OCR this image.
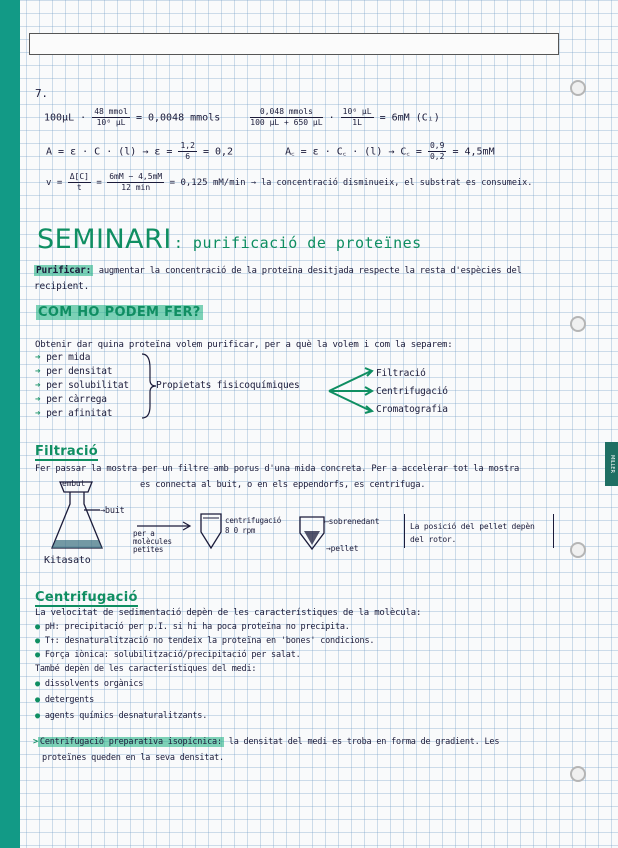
MILLER
7.
$100\mu L \cdot \frac{\text{48 mmol}}{\text{10⁶ µL}} = 0,0048$ mmols	$\frac{\text{0,048 mmols}}{\text{100 µL + 650 µL}} \cdot \frac{\text{10⁶ µL}}{1L} = 6mM$ (Cᵢ)
$A = \varepsilon \cdot C \cdot (l) \to \varepsilon = \frac{1,2}{6} = 0,2$	A꜀ = ε · C꜀ · (l) → C꜀ = $\frac{0,9}{0,2} = 4,5mM$
$v = \frac{\Delta[C]}{t} = \frac{6mM - 4,5mM}{12 \min} = 0,125$ mM/min → la concentració disminueix, el substrat es consumeix.
SEMINARI : purificació de proteïnes
Purificar: augmentar la concentració de la proteïna desitjada respecte la resta d'espècies del
recipient.
COM HO PODEM FER?
Obtenir dar quina proteïna volem purificar, per a què la volem i com la separem:
➔ per mida
➔ per densitat
➔ per solubilitat
➔ per càrrega
➔ per afinitat
Propietats fisicoquímiques
Filtració
Centrifugació
Cromatografia
Filtració
Fer passar la mostra per un filtre amb porus d'una mida concreta. Per a accelerar tot la mostra
es connecta al buit, o en els eppendorfs, es centrifuga.
embut
→buit
Kitasato
per a
molècules
petites
centrifugació
8 0 rpm
⟵sobrenedant
→pellet
La posició del pellet depèn
del rotor.
Centrifugació
La velocitat de sedimentació depèn de les característiques de la molècula:
● pH: precipitació per p.I. si hi ha poca proteïna no precipita.
● T↑: desnaturalització no tendeix la proteïna en 'bones' condicions.
● Força iònica: solubilització/precipitació per salat.
També depèn de les característiques del medi:
● dissolvents orgànics
● detergents
● agents químics desnaturalitzants.
> Centrifugació preparativa isopícnica: la densitat del medi es troba en forma de gradient. Les
proteïnes queden en la seva densitat.
